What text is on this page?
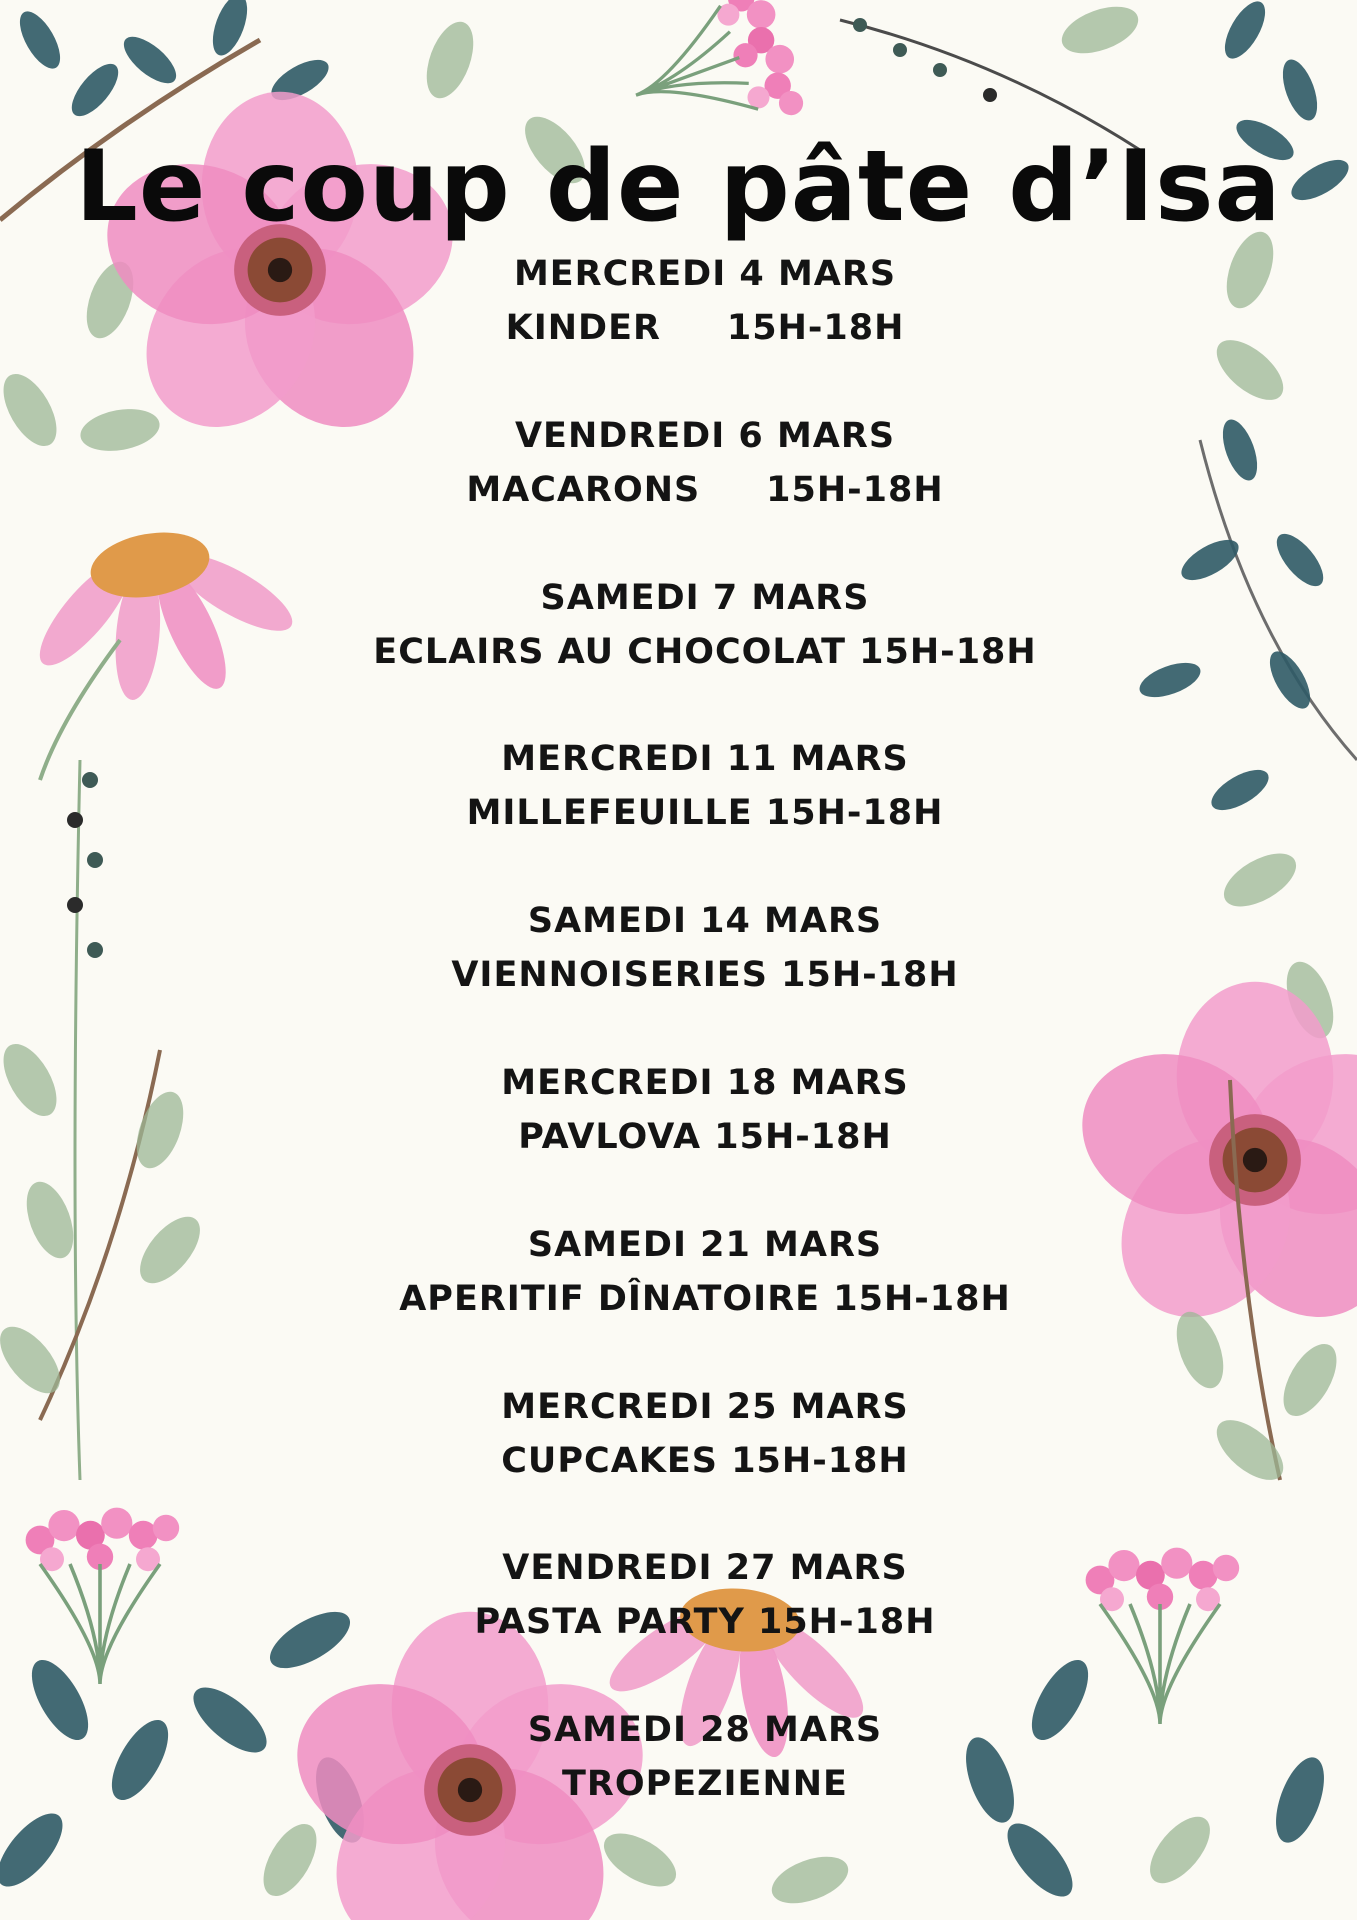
Le coup de pâte d’Isa
MERCREDI 4 MARS
KINDER     15H-18H
VENDREDI 6 MARS
MACARONS     15H-18H
SAMEDI 7 MARS
ECLAIRS AU CHOCOLAT 15H-18H
MERCREDI 11 MARS
MILLEFEUILLE 15H-18H
SAMEDI 14 MARS
VIENNOISERIES 15H-18H
MERCREDI 18 MARS
PAVLOVA 15H-18H
SAMEDI 21 MARS
APERITIF DÎNATOIRE 15H-18H
MERCREDI 25 MARS
CUPCAKES 15H-18H
VENDREDI 27 MARS
PASTA PARTY 15H-18H
SAMEDI 28 MARS
TROPEZIENNE
